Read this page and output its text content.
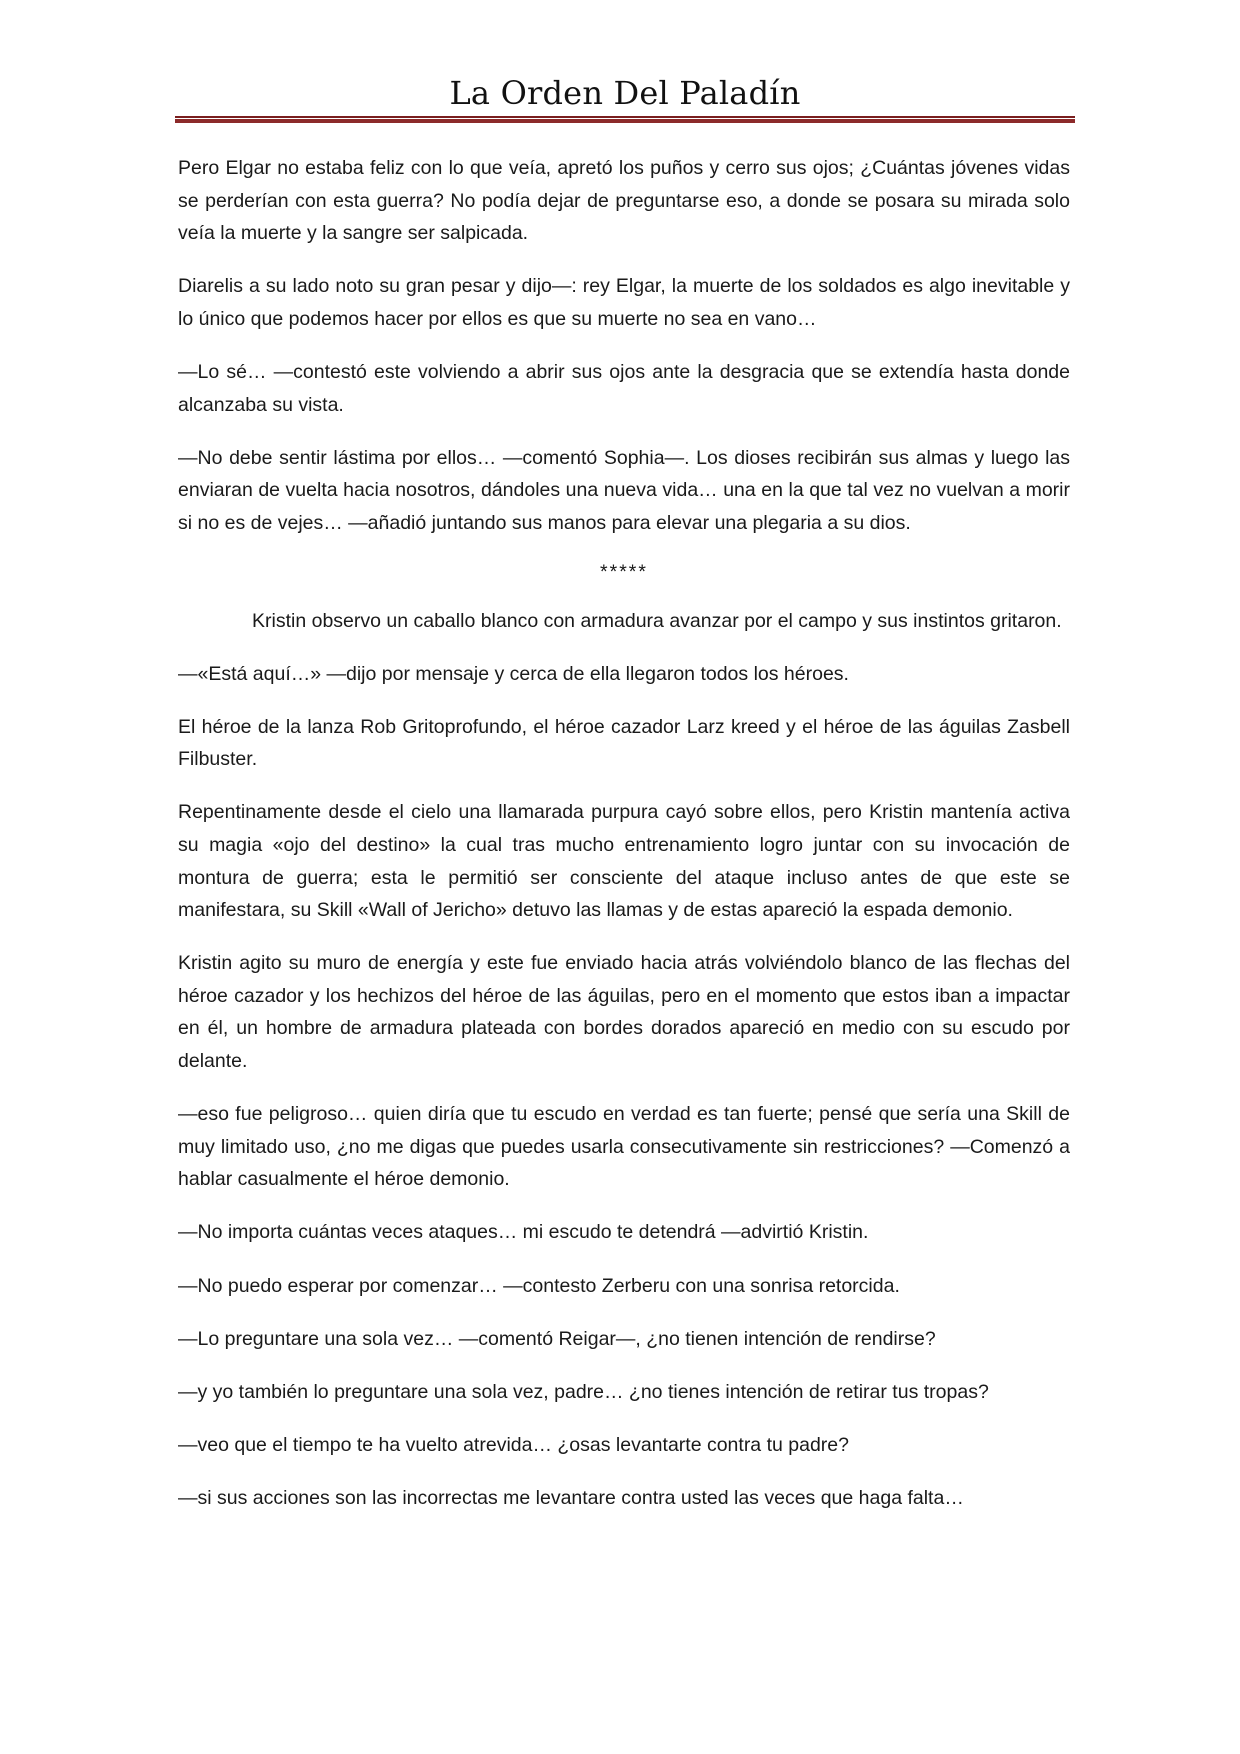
La Orden Del Paladín

Pero Elgar no estaba feliz con lo que veía, apretó los puños y cerro sus ojos; ¿Cuántas jóvenes vidas se perderían con esta guerra? No podía dejar de preguntarse eso, a donde se posara su mirada solo veía la muerte y la sangre ser salpicada.

Diarelis a su lado noto su gran pesar y dijo—: rey Elgar, la muerte de los soldados es algo inevitable y lo único que podemos hacer por ellos es que su muerte no sea en vano…

—Lo sé… —contestó este volviendo a abrir sus ojos ante la desgracia que se extendía hasta donde alcanzaba su vista.

—No debe sentir lástima por ellos… —comentó Sophia—. Los dioses recibirán sus almas y luego las enviaran de vuelta hacia nosotros, dándoles una nueva vida… una en la que tal vez no vuelvan a morir si no es de vejes… —añadió juntando sus manos para elevar una plegaria a su dios.

*****

Kristin observo un caballo blanco con armadura avanzar por el campo y sus instintos gritaron.

—«Está aquí…» —dijo por mensaje y cerca de ella llegaron todos los héroes.

El héroe de la lanza Rob Gritoprofundo, el héroe cazador Larz kreed y el héroe de las águilas Zasbell Filbuster.

Repentinamente desde el cielo una llamarada purpura cayó sobre ellos, pero Kristin mantenía activa su magia «ojo del destino» la cual tras mucho entrenamiento logro juntar con su invocación de montura de guerra; esta le permitió ser consciente del ataque incluso antes de que este se manifestara, su Skill «Wall of Jericho» detuvo las llamas y de estas apareció la espada demonio.

Kristin agito su muro de energía y este fue enviado hacia atrás volviéndolo blanco de las flechas del héroe cazador y los hechizos del héroe de las águilas, pero en el momento que estos iban a impactar en él, un hombre de armadura plateada con bordes dorados apareció en medio con su escudo por delante.

—eso fue peligroso… quien diría que tu escudo en verdad es tan fuerte; pensé que sería una Skill de muy limitado uso, ¿no me digas que puedes usarla consecutivamente sin restricciones? —Comenzó a hablar casualmente el héroe demonio.

—No importa cuántas veces ataques… mi escudo te detendrá —advirtió Kristin.

—No puedo esperar por comenzar… —contesto Zerberu con una sonrisa retorcida.

—Lo preguntare una sola vez… —comentó Reigar—, ¿no tienen intención de rendirse?

—y yo también lo preguntare una sola vez, padre… ¿no tienes intención de retirar tus tropas?

—veo que el tiempo te ha vuelto atrevida… ¿osas levantarte contra tu padre?

—si sus acciones son las incorrectas me levantare contra usted las veces que haga falta…
